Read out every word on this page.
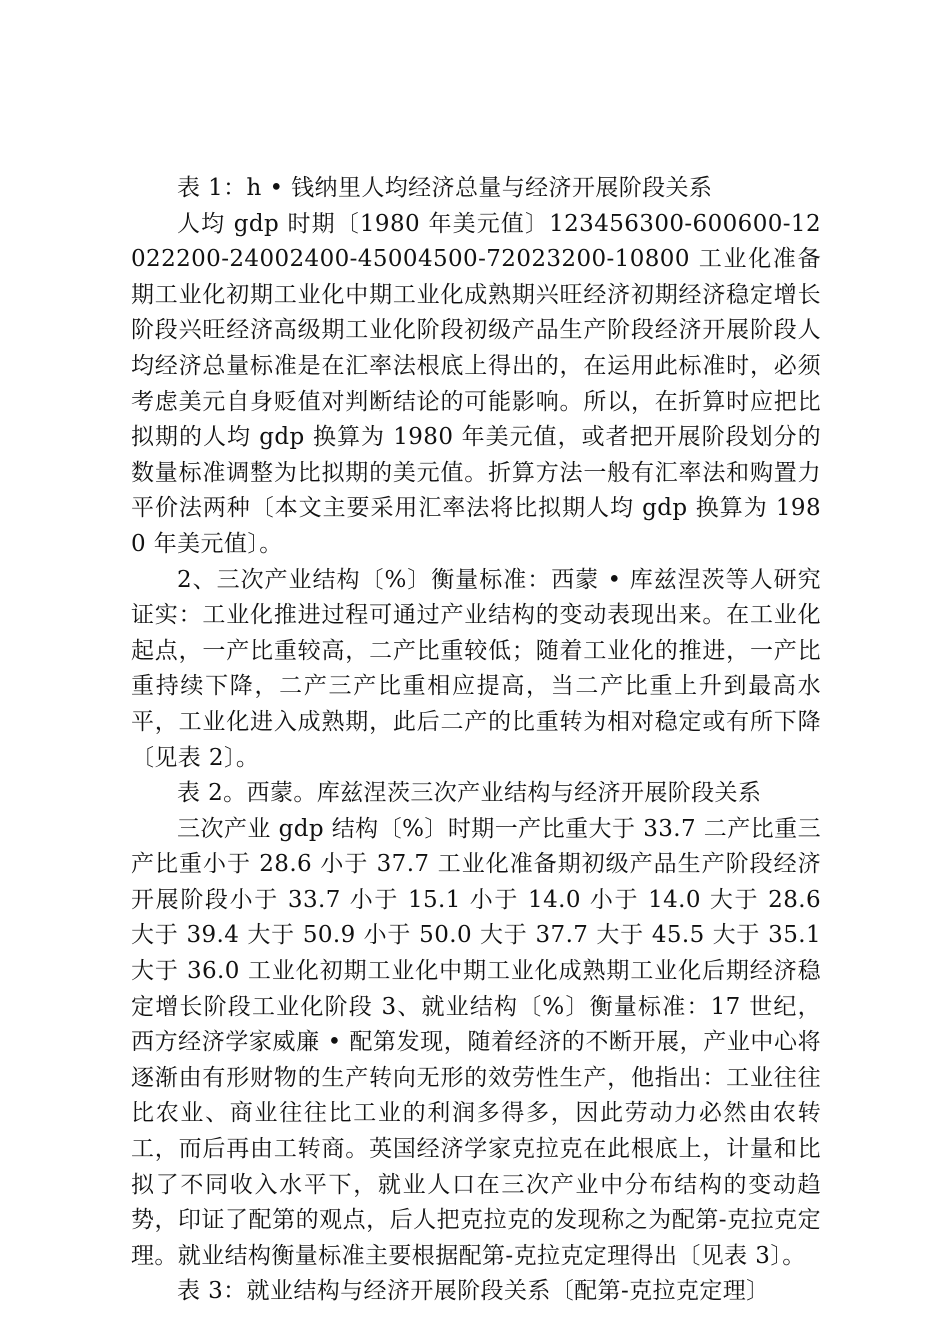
表 1：h • 钱纳里人均经济总量与经济开展阶段关系

人均 gdp 时期〔1980 年美元值〕123456300-600600-12022200-24002400-45004500-72023200-10800 工业化准备期工业化初期工业化中期工业化成熟期兴旺经济初期经济稳定增长阶段兴旺经济高级期工业化阶段初级产品生产阶段经济开展阶段人均经济总量标准是在汇率法根底上得出的，在运用此标准时，必须考虑美元自身贬值对判断结论的可能影响。所以，在折算时应把比拟期的人均 gdp 换算为 1980 年美元值，或者把开展阶段划分的数量标准调整为比拟期的美元值。折算方法一般有汇率法和购置力平价法两种〔本文主要采用汇率法将比拟期人均 gdp 换算为 1980 年美元值〕。

2、三次产业结构〔%〕衡量标准：西蒙 • 库兹涅茨等人研究证实：工业化推进过程可通过产业结构的变动表现出来。在工业化起点，一产比重较高，二产比重较低；随着工业化的推进，一产比重持续下降，二产三产比重相应提高，当二产比重上升到最高水平，工业化进入成熟期，此后二产的比重转为相对稳定或有所下降〔见表 2〕。

表 2。西蒙。库兹涅茨三次产业结构与经济开展阶段关系

三次产业 gdp 结构〔%〕时期一产比重大于 33.7 二产比重三产比重小于 28.6 小于 37.7 工业化准备期初级产品生产阶段经济开展阶段小于 33.7 小于 15.1 小于 14.0 小于 14.0 大于 28.6 大于 39.4 大于 50.9 小于 50.0 大于 37.7 大于 45.5 大于 35.1 大于 36.0 工业化初期工业化中期工业化成熟期工业化后期经济稳定增长阶段工业化阶段 3、就业结构〔%〕衡量标准：17 世纪，西方经济学家威廉 • 配第发现，随着经济的不断开展，产业中心将逐渐由有形财物的生产转向无形的效劳性生产，他指出：工业往往比农业、商业往往比工业的利润多得多，因此劳动力必然由农转工，而后再由工转商。英国经济学家克拉克在此根底上，计量和比拟了不同收入水平下，就业人口在三次产业中分布结构的变动趋势，印证了配第的观点，后人把克拉克的发现称之为配第-克拉克定理。就业结构衡量标准主要根据配第-克拉克定理得出〔见表 3〕。

表 3：就业结构与经济开展阶段关系〔配第-克拉克定理〕
